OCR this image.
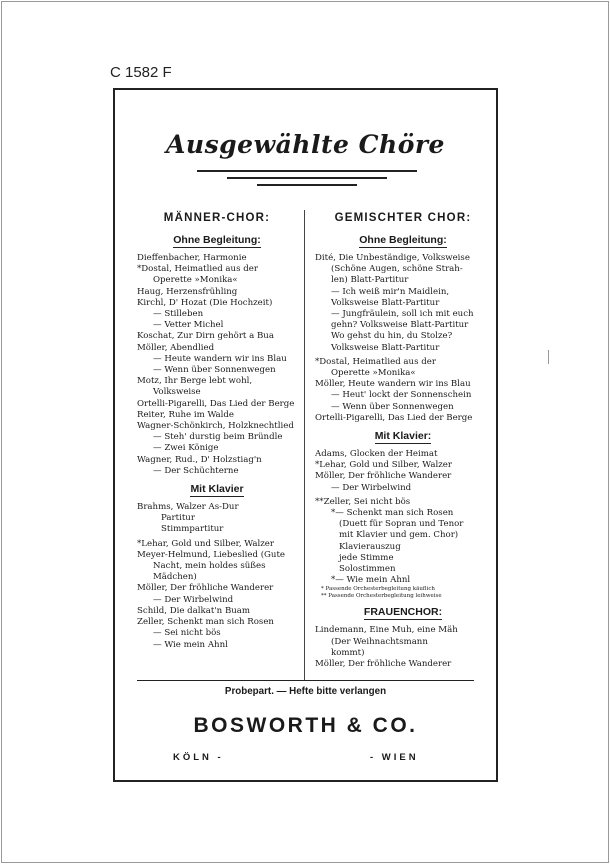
C 1582 F
Ausgewählte Chöre
MÄNNER-CHOR:
Ohne Begleitung:
Dieffenbacher, Harmonie
*Dostal, Heimatlied aus der
Operette »Monika«
Haug, Herzensfrühling
Kirchl, D' Hozat (Die Hochzeit)
— Stilleben
— Vetter Michel
Koschat, Zur Dirn gehört a Bua
Möller, Abendlied
— Heute wandern wir ins Blau
— Wenn über Sonnenwegen
Motz, Ihr Berge lebt wohl,
Volksweise
Ortelli-Pigarelli, Das Lied der Berge
Reiter, Ruhe im Walde
Wagner-Schönkirch, Holzknechtlied
— Steh' durstig beim Bründle
— Zwei Könige
Wagner, Rud., D' Holzstiag'n
— Der Schüchterne
Mit Klavier
Brahms, Walzer As-Dur
Partitur
Stimmpartitur
*Lehar, Gold und Silber, Walzer
Meyer-Helmund, Liebeslied (Gute
Nacht, mein holdes süßes
Mädchen)
Möller, Der fröhliche Wanderer
— Der Wirbelwind
Schild, Die dalkat'n Buam
Zeller, Schenkt man sich Rosen
— Sei nicht bös
— Wie mein Ahnl
GEMISCHTER CHOR:
Ohne Begleitung:
Dité, Die Unbeständige, Volksweise
(Schöne Augen, schöne Strah-
len) Blatt-Partitur
— Ich weiß mir'n Maidlein,
Volksweise Blatt-Partitur
— Jungfräulein, soll ich mit euch
gehn? Volksweise Blatt-Partitur
Wo gehst du hin, du Stolze?
Volksweise Blatt-Partitur
*Dostal, Heimatlied aus der
Operette »Monika«
Möller, Heute wandern wir ins Blau
— Heut' lockt der Sonnenschein
— Wenn über Sonnenwegen
Ortelli-Pigarelli, Das Lied der Berge
Mit Klavier:
Adams, Glocken der Heimat
*Lehar, Gold und Silber, Walzer
Möller, Der fröhliche Wanderer
— Der Wirbelwind
**Zeller, Sei nicht bös
*— Schenkt man sich Rosen
(Duett für Sopran und Tenor
mit Klavier und gem. Chor)
Klavierauszug
jede Stimme
Solostimmen
*— Wie mein Ahnl
* Passende Orchesterbegleitung käuflich
** Passende Orchesterbegleitung leihweise
FRAUENCHOR:
Lindemann, Eine Muh, eine Mäh
(Der Weihnachtsmann
kommt)
Möller, Der fröhliche Wanderer
Probepart. — Hefte bitte verlangen
BOSWORTH & CO.
KÖLN -	- WIEN
